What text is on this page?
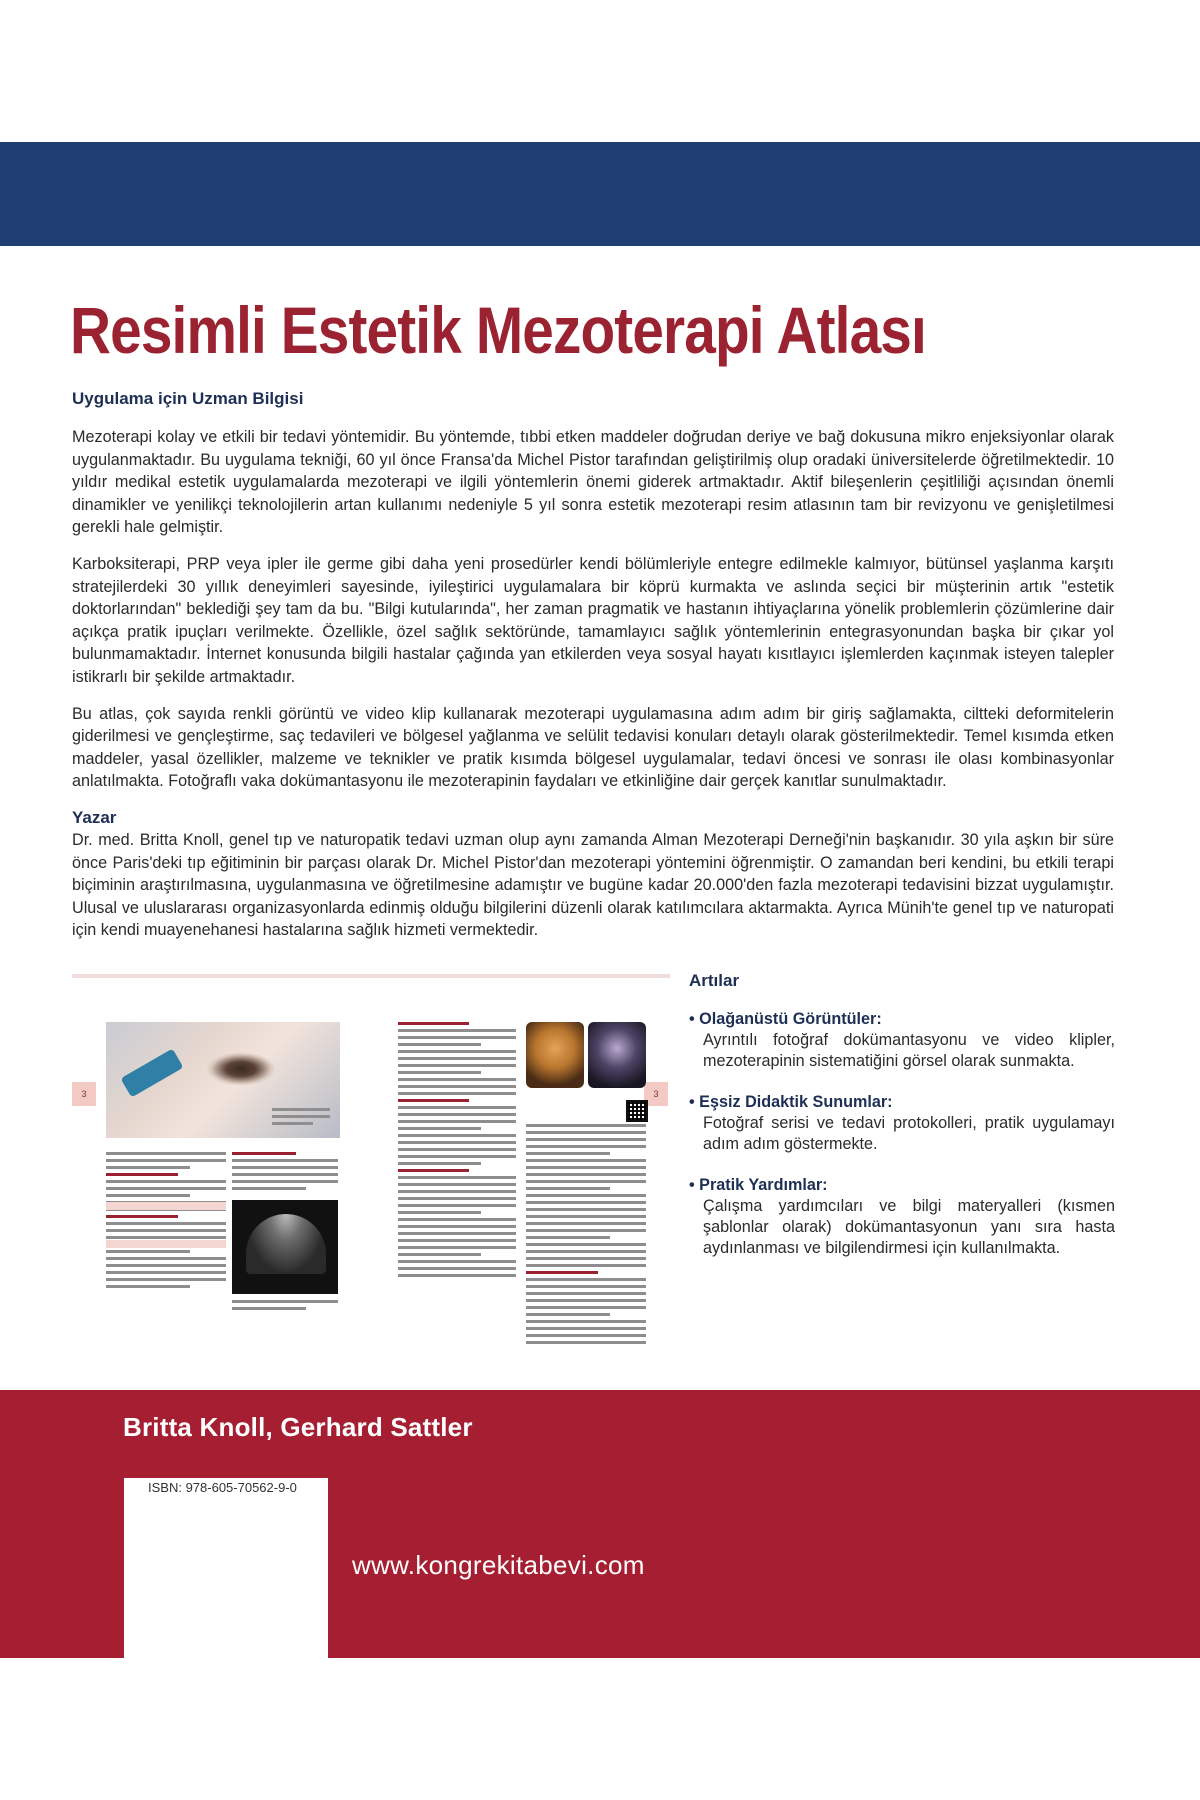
Resimli Estetik Mezoterapi Atlası
Uygulama için Uzman Bilgisi

Mezoterapi kolay ve etkili bir tedavi yöntemidir. Bu yöntemde, tıbbi etken maddeler doğrudan deriye ve bağ dokusuna mikro enjeksiyonlar olarak uygulanmaktadır. Bu uygulama tekniği, 60 yıl önce Fransa'da Michel Pistor tarafından geliştirilmiş olup oradaki üniversitelerde öğretilmektedir. 10 yıldır medikal estetik uygulamalarda mezoterapi ve ilgili yöntemlerin önemi giderek artmaktadır. Aktif bileşenlerin çeşitliliği açısından önemli dinamikler ve yenilikçi teknolojilerin artan kullanımı nedeniyle 5 yıl sonra estetik mezoterapi resim atlasının tam bir revizyonu ve genişletilmesi gerekli hale gelmiştir.

Karboksiterapi, PRP veya ipler ile germe gibi daha yeni prosedürler kendi bölümleriyle entegre edilmekle kalmıyor, bütünsel yaşlanma karşıtı stratejilerdeki 30 yıllık deneyimleri sayesinde, iyileştirici uygulamalara bir köprü kurmakta ve aslında seçici bir müşterinin artık "estetik doktorlarından" beklediği şey tam da bu. "Bilgi kutularında", her zaman pragmatik ve hastanın ihtiyaçlarına yönelik problemlerin çözümlerine dair açıkça pratik ipuçları verilmekte. Özellikle, özel sağlık sektöründe, tamamlayıcı sağlık yöntemlerinin entegrasyonundan başka bir çıkar yol bulunmamaktadır. İnternet konusunda bilgili hastalar çağında yan etkilerden veya sosyal hayatı kısıtlayıcı işlemlerden kaçınmak isteyen talepler istikrarlı bir şekilde artmaktadır.

Bu atlas, çok sayıda renkli görüntü ve video klip kullanarak mezoterapi uygulamasına adım adım bir giriş sağlamakta, ciltteki deformitelerin giderilmesi ve gençleştirme, saç tedavileri ve bölgesel yağlanma ve selülit tedavisi konuları detaylı olarak gösterilmektedir. Temel kısımda etken maddeler, yasal özellikler, malzeme ve teknikler ve pratik kısımda bölgesel uygulamalar, tedavi öncesi ve sonrası ile olası kombinasyonlar anlatılmakta. Fotoğraflı vaka dokümantasyonu ile mezoterapinin faydaları ve etkinliğine dair gerçek kanıtlar sunulmaktadır.

Yazar

Dr. med. Britta Knoll, genel tıp ve naturopatik tedavi uzman olup aynı zamanda Alman Mezoterapi Derneği'nin başkanıdır. 30 yıla aşkın bir süre önce Paris'deki tıp eğitiminin bir parçası olarak Dr. Michel Pistor'dan mezoterapi yöntemini öğrenmiştir. O zamandan beri kendini, bu etkili terapi biçiminin araştırılmasına, uygulanmasına ve öğretilmesine adamıştır ve bugüne kadar 20.000'den fazla mezoterapi tedavisini bizzat uygulamıştır. Ulusal ve uluslararası organizasyonlarda edinmiş olduğu bilgilerini düzenli olarak katılımcılara aktarmakta. Ayrıca Münih'te genel tıp ve naturopati için kendi muayenehanesi hastalarına sağlık hizmeti vermektedir.

3	3
Artılar
• Olağanüstü Görüntüler:
Ayrıntılı fotoğraf dokümantasyonu ve video klipler, mezoterapinin sistematiğini görsel olarak sunmakta.
• Eşsiz Didaktik Sunumlar:
Fotoğraf serisi ve tedavi protokolleri, pratik uygulamayı adım adım göstermekte.
• Pratik Yardımlar:
Çalışma yardımcıları ve bilgi materyalleri (kısmen şablonlar olarak) dokümantasyonun yanı sıra hasta aydınlanması ve bilgilendirmesi için kullanılmakta.
Britta Knoll, Gerhard Sattler
ISBN: 978-605-70562-9-0
www.kongrekitabevi.com
